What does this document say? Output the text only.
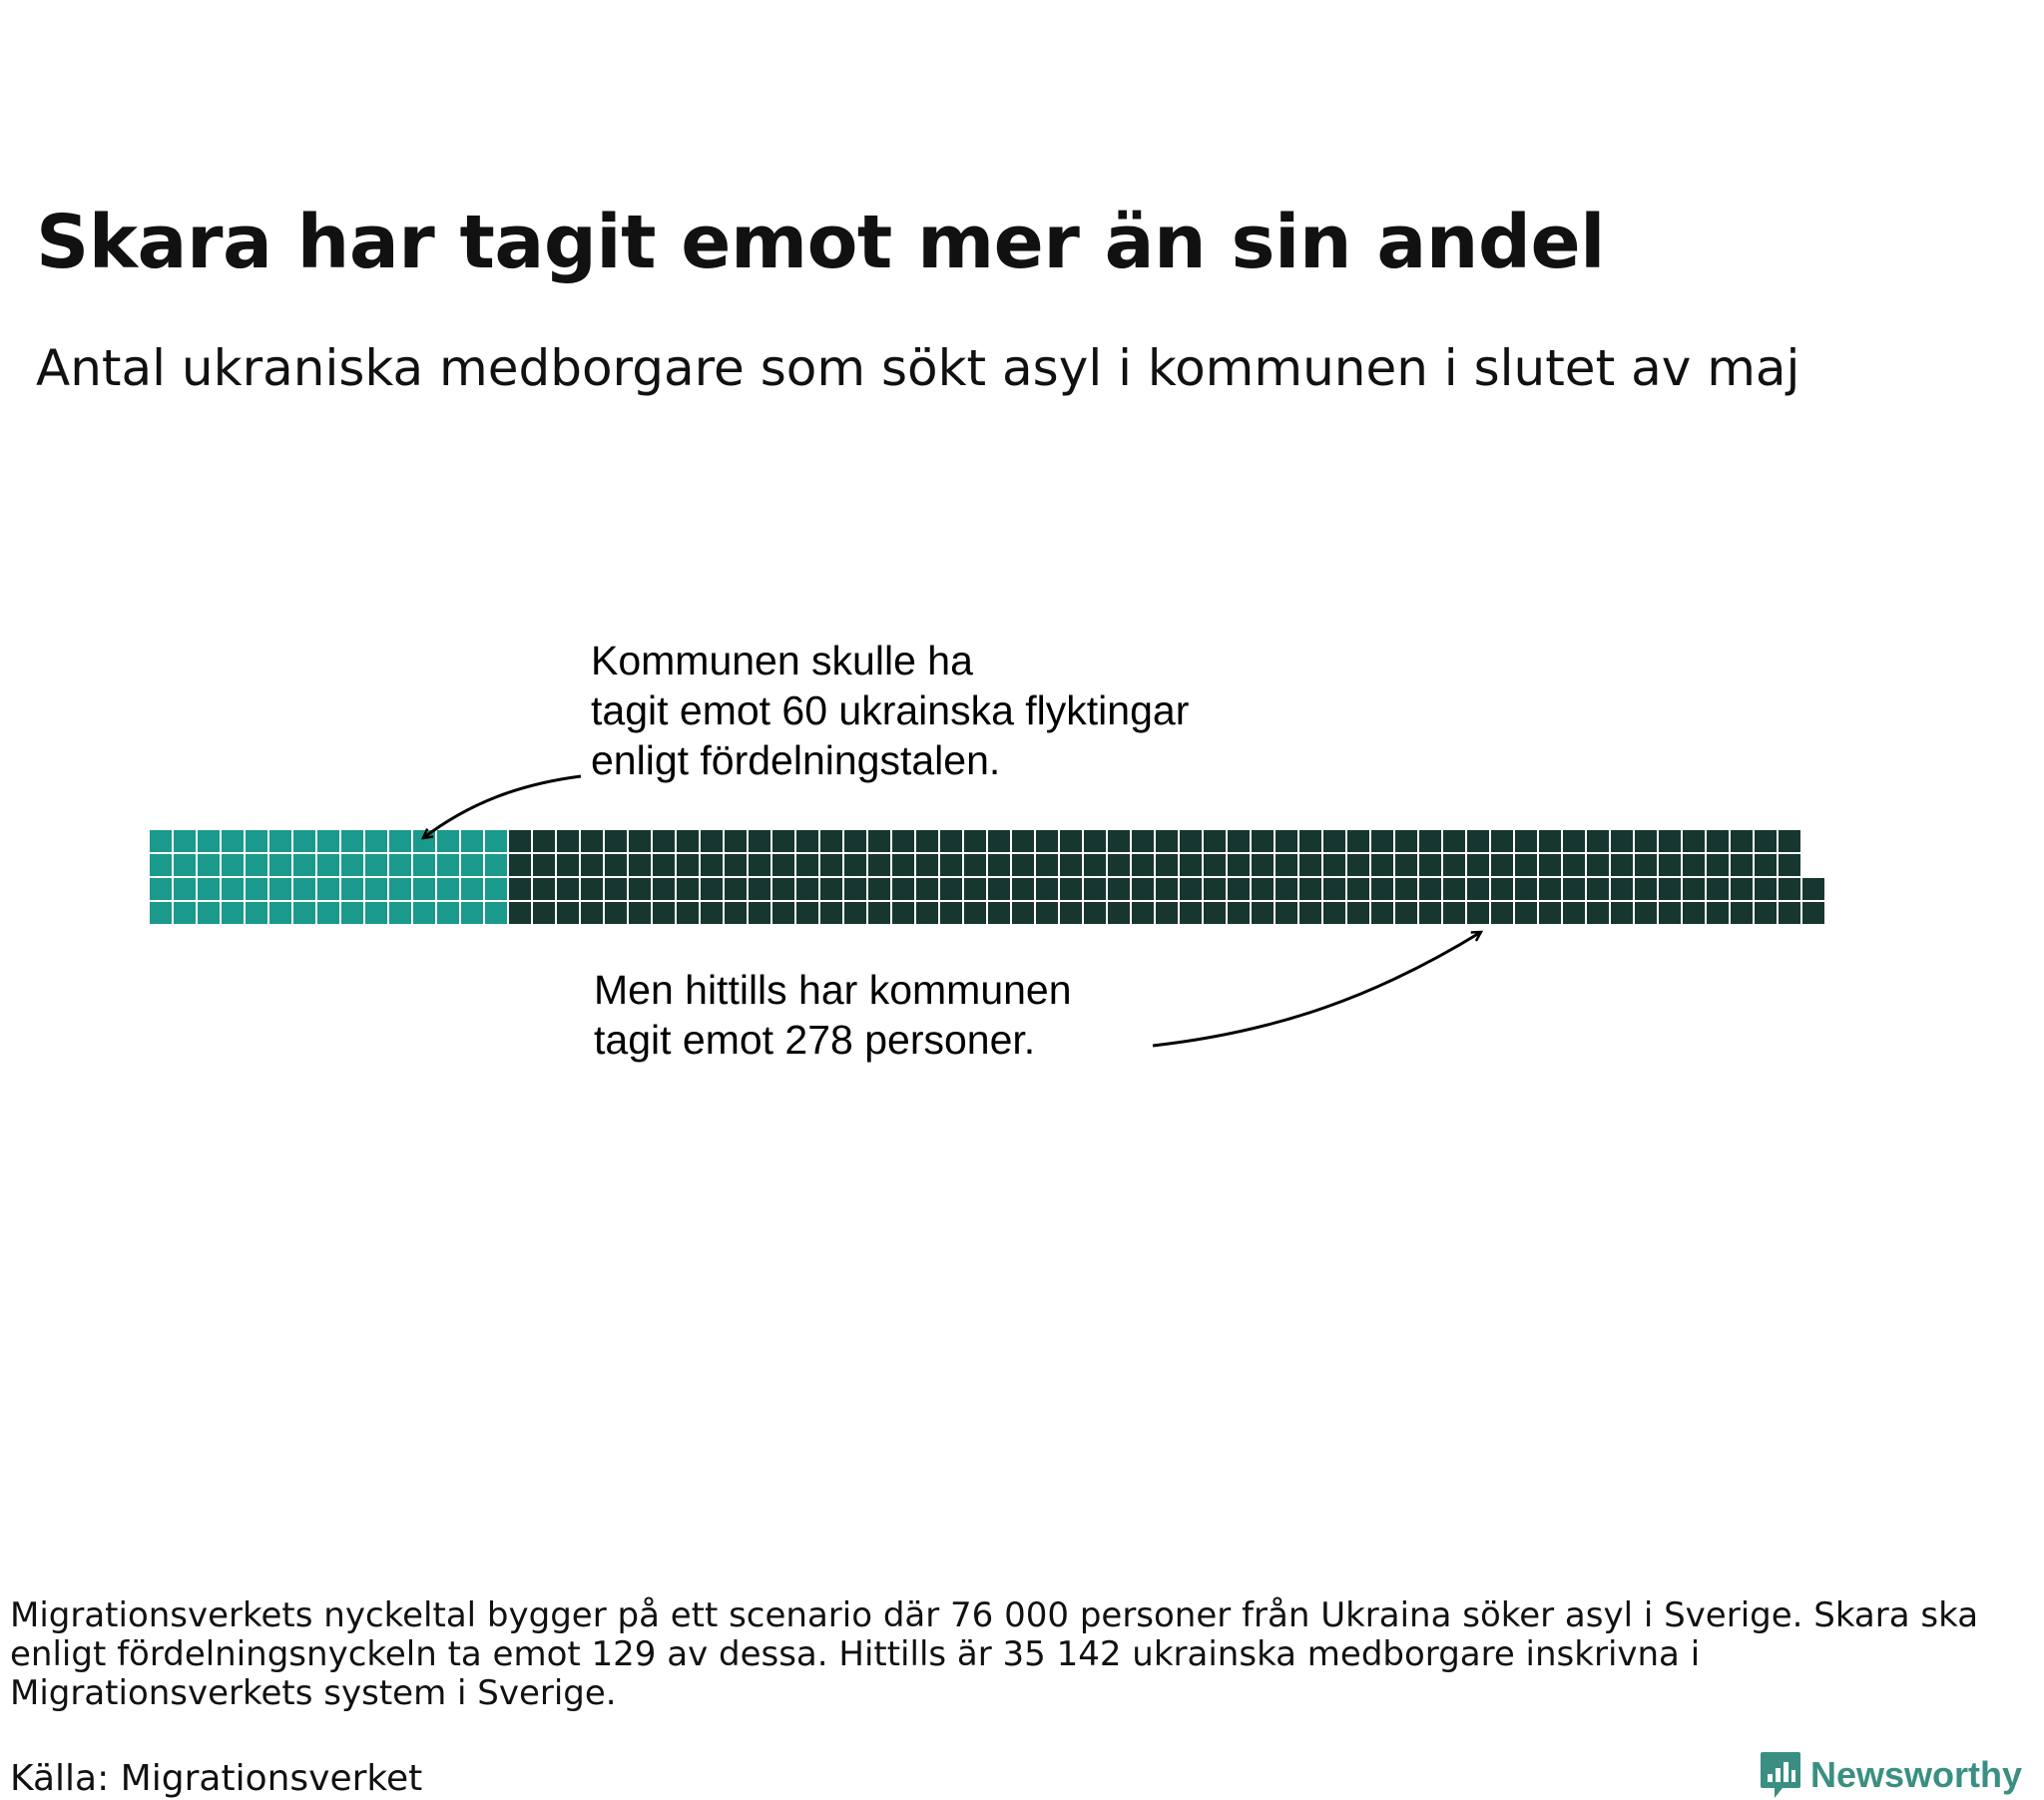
Skara har tagit emot mer än sin andel

Antal ukraniska medborgare som sökt asyl i kommunen i slutet av maj

Kommunen skulle ha tagit emot 60 ukrainska flyktingar enligt fördelningstalen.
Men hittills har kommunen tagit emot 278 personer.

Migrationsverkets nyckeltal bygger på ett scenario där 76 000 personer från Ukraina söker asyl i Sverige. Skara ska enligt fördelningsnyckeln ta emot 129 av dessa. Hittills är 35 142 ukrainska medborgare inskrivna i Migrationsverkets system i Sverige.

Källa: Migrationsverket	Newsworthy
